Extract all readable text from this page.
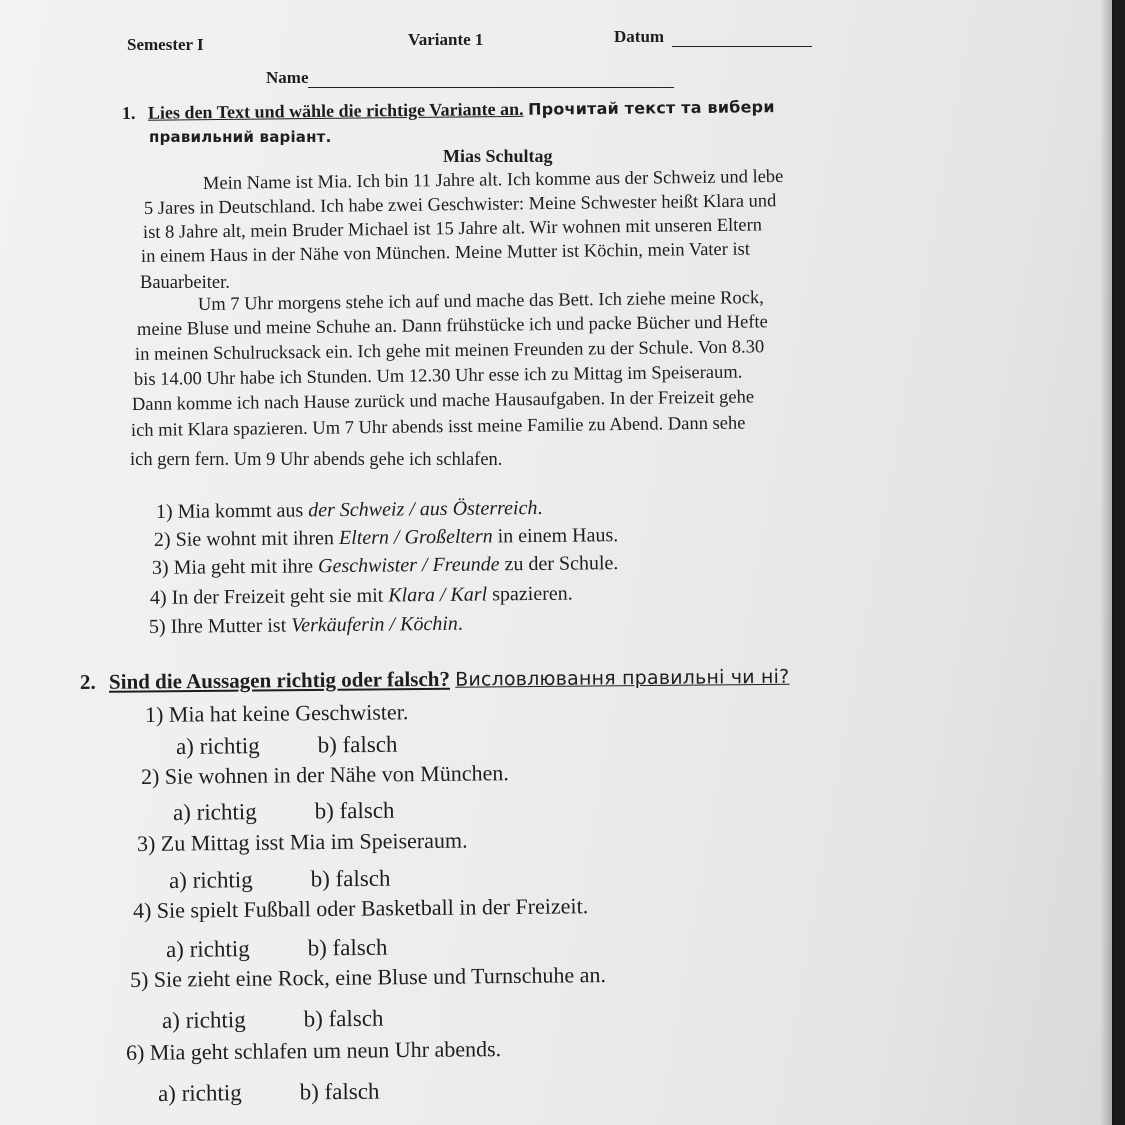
Semester I	Variante 1	Datum
Name
1. Lies den Text und wähle die richtige Variante an. Прочитай текст та вибери
правильний варіант.
Mias Schultag
Mein Name ist Mia. Ich bin 11 Jahre alt. Ich komme aus der Schweiz und lebe
5 Jares in Deutschland. Ich habe zwei Geschwister: Meine Schwester heißt Klara und
ist 8 Jahre alt, mein Bruder Michael ist 15 Jahre alt. Wir wohnen mit unseren Eltern
in einem Haus in der Nähe von München. Meine Mutter ist Köchin, mein Vater ist
Bauarbeiter.
Um 7 Uhr morgens stehe ich auf und mache das Bett. Ich ziehe meine Rock,
meine Bluse und meine Schuhe an. Dann frühstücke ich und packe Bücher und Hefte
in meinen Schulrucksack ein. Ich gehe mit meinen Freunden zu der Schule. Von 8.30
bis 14.00 Uhr habe ich Stunden. Um 12.30 Uhr esse ich zu Mittag im Speiseraum.
Dann komme ich nach Hause zurück und mache Hausaufgaben. In der Freizeit gehe
ich mit Klara spazieren. Um 7 Uhr abends isst meine Familie zu Abend. Dann sehe
ich gern fern. Um 9 Uhr abends gehe ich schlafen.
1) Mia kommt aus der Schweiz / aus Österreich.
2) Sie wohnt mit ihren Eltern / Großeltern in einem Haus.
3) Mia geht mit ihre Geschwister / Freunde zu der Schule.
4) In der Freizeit geht sie mit Klara / Karl spazieren.
5) Ihre Mutter ist Verkäuferin / Köchin.
2. Sind die Aussagen richtig oder falsch? Висловлювання правильні чи ні?
1) Mia hat keine Geschwister.
a) richtig	b) falsch
2) Sie wohnen in der Nähe von München.
a) richtig	b) falsch
3) Zu Mittag isst Mia im Speiseraum.
a) richtig	b) falsch
4) Sie spielt Fußball oder Basketball in der Freizeit.
a) richtig	b) falsch
5) Sie zieht eine Rock, eine Bluse und Turnschuhe an.
a) richtig	b) falsch
6) Mia geht schlafen um neun Uhr abends.
a) richtig	b) falsch
